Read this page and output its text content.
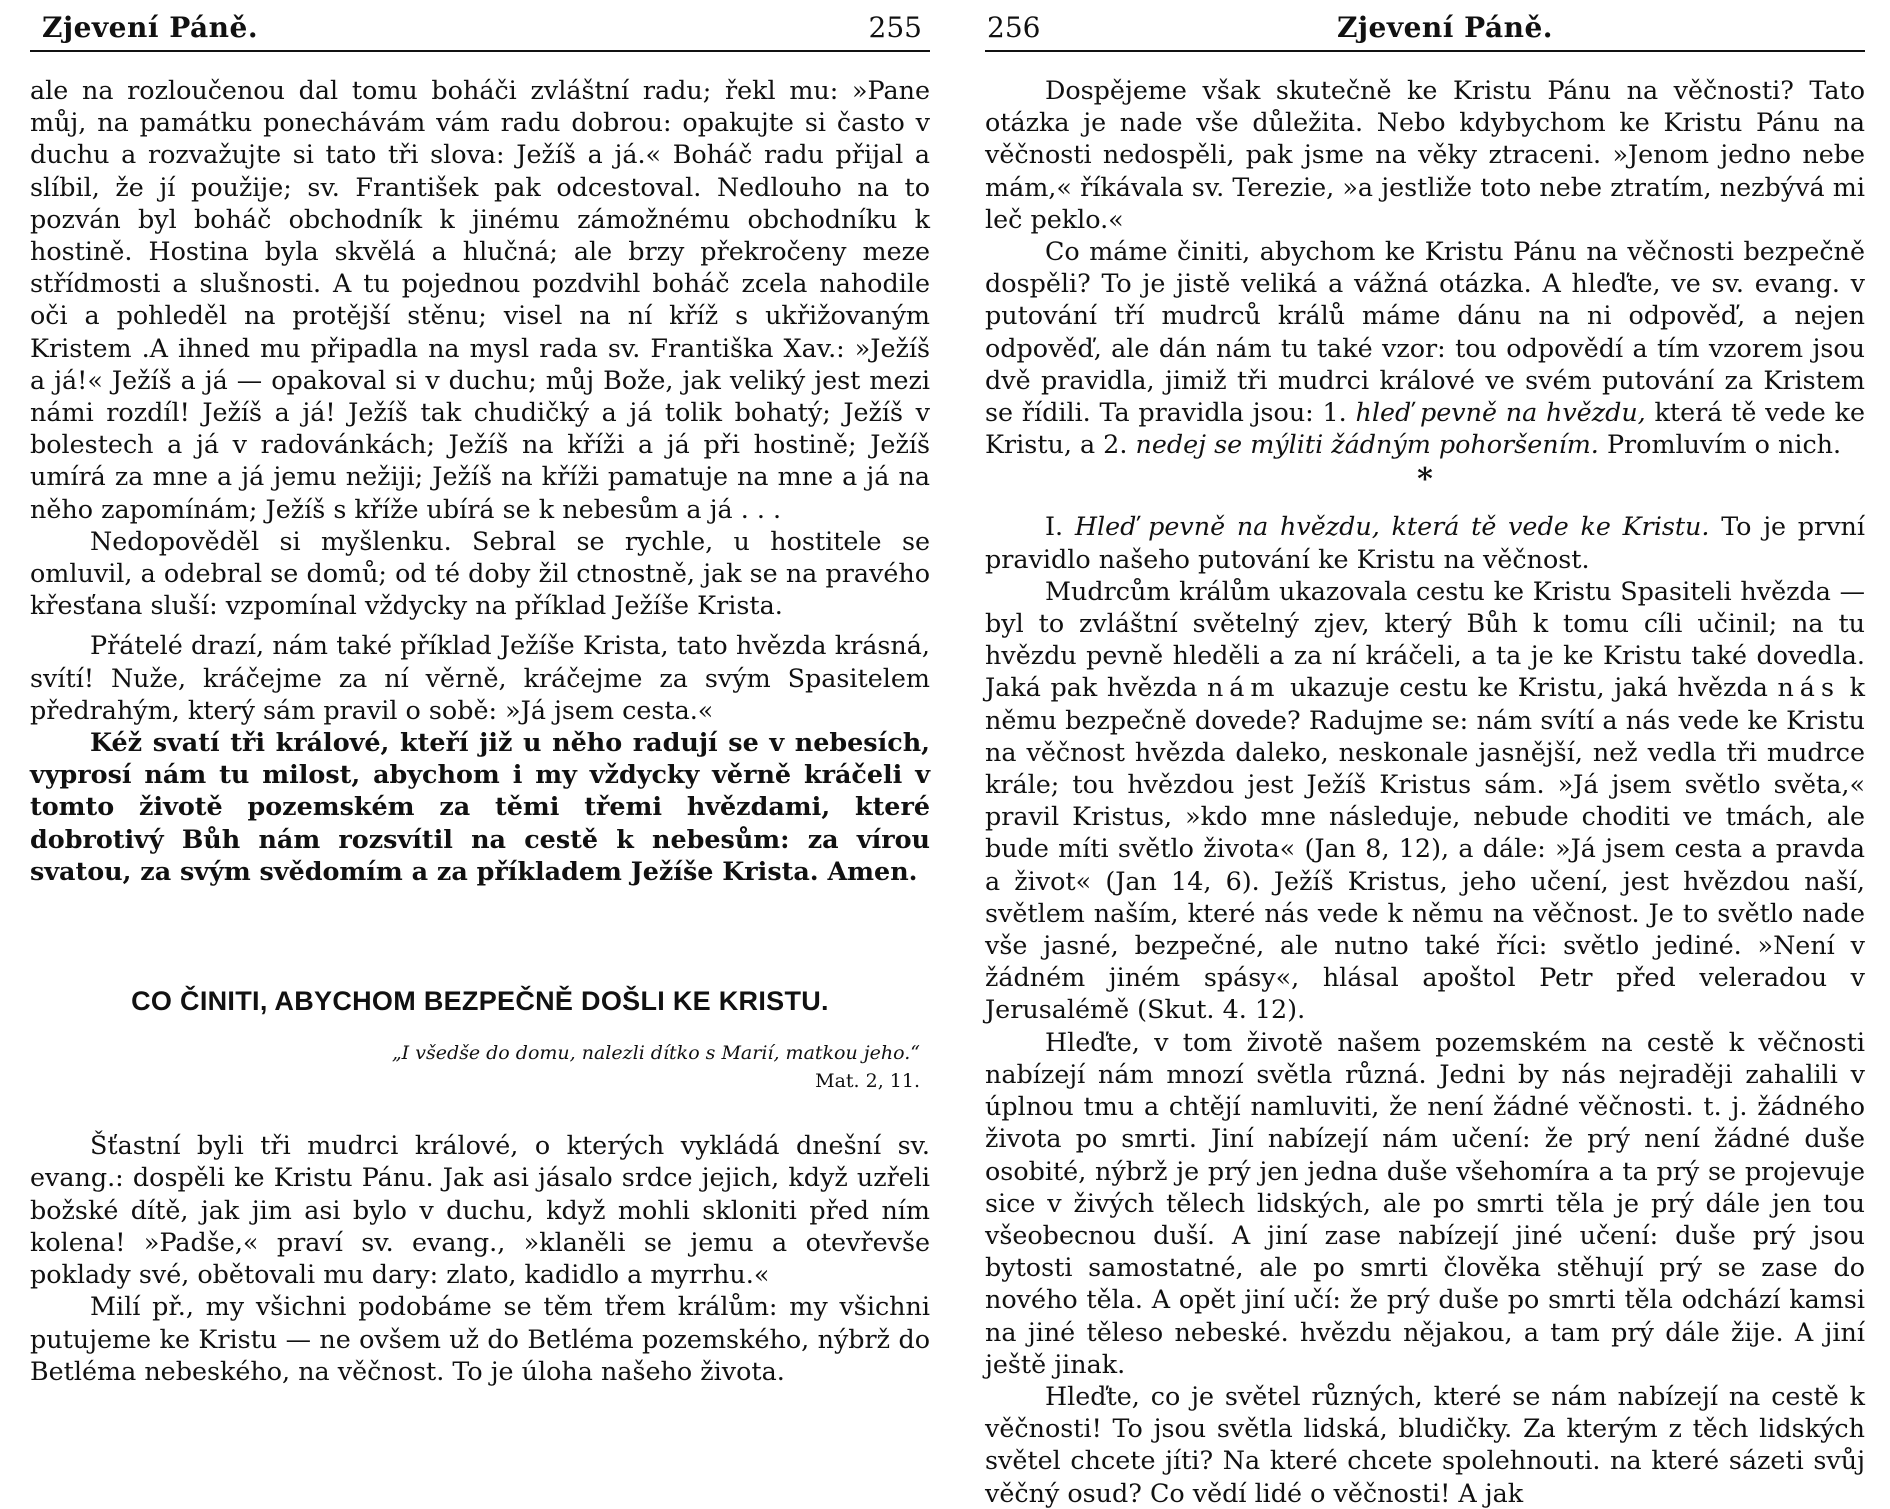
Zjevení Páně.	255

ale na rozloučenou dal tomu boháči zvláštní radu; řekl mu: »Pane můj, na památku ponechávám vám radu dobrou: opakujte si často v duchu a rozvažujte si tato tři slova: Ježíš a já.« Boháč radu přijal a slíbil, že jí použije; sv. František pak odcestoval. Nedlouho na to pozván byl boháč obchodník k jinému zámožnému obchodníku k hostině. Hostina byla skvělá a hlučná; ale brzy překročeny meze střídmosti a slušnosti. A tu pojednou pozdvihl boháč zcela nahodile oči a pohleděl na protější stěnu; visel na ní kříž s ukřižovaným Kristem .A ihned mu připadla na mysl rada sv. Františka Xav.: »Ježíš a já!« Ježíš a já — opakoval si v duchu; můj Bože, jak veliký jest mezi námi rozdíl! Ježíš a já! Ježíš tak chudičký a já tolik bohatý; Ježíš v bolestech a já v radovánkách; Ježíš na kříži a já při hostině; Ježíš umírá za mne a já jemu nežiji; Ježíš na kříži pamatuje na mne a já na něho zapomínám; Ježíš s kříže ubírá se k nebesům a já . . .

Nedopověděl si myšlenku. Sebral se rychle, u hostitele se omluvil, a odebral se domů; od té doby žil ctnostně, jak se na pravého křesťana sluší: vzpomínal vždycky na příklad Ježíše Krista.

Přátelé drazí, nám také příklad Ježíše Krista, tato hvězda krásná, svítí! Nuže, kráčejme za ní věrně, kráčejme za svým Spasitelem předrahým, který sám pravil o sobě: »Já jsem cesta.«

Kéž svatí tři králové, kteří již u něho radují se v nebesích, vyprosí nám tu milost, abychom i my vždycky věrně kráčeli v tomto životě pozemském za těmi třemi hvězdami, které dobrotivý Bůh nám rozsvítil na cestě k nebesům: za vírou svatou, za svým svědomím a za příkladem Ježíše Krista. Amen.

CO ČINITI, ABYCHOM BEZPEČNĚ DOŠLI KE KRISTU.
„I všedše do domu, nalezli dítko s Marií, matkou jeho.“
Mat. 2, 11.

Šťastní byli tři mudrci králové, o kterých vykládá dnešní sv. evang.: dospěli ke Kristu Pánu. Jak asi jásalo srdce jejich, když uzřeli božské dítě, jak jim asi bylo v duchu, když mohli skloniti před ním kolena! »Padše,« praví sv. evang., »klaněli se jemu a otevřevše poklady své, obětovali mu dary: zlato, kadidlo a myrrhu.«

Milí př., my všichni podobáme se těm třem králům: my všichni putujeme ke Kristu — ne ovšem už do Betléma pozemského, nýbrž do Betléma nebeského, na věčnost. To je úloha našeho života.

256	Zjevení Páně.

Dospějeme však skutečně ke Kristu Pánu na věčnosti? Tato otázka je nade vše důležita. Nebo kdybychom ke Kristu Pánu na věčnosti nedospěli, pak jsme na věky ztraceni. »Jenom jedno nebe mám,« říkávala sv. Terezie, »a jestliže toto nebe ztratím, nezbývá mi leč peklo.«

Co máme činiti, abychom ke Kristu Pánu na věčnosti bezpečně dospěli? To je jistě veliká a vážná otázka. A hleďte, ve sv. evang. v putování tří mudrců králů máme dánu na ni odpověď, a nejen odpověď, ale dán nám tu také vzor: tou odpovědí a tím vzorem jsou dvě pravidla, jimiž tři mudrci králové ve svém putování za Kristem se řídili. Ta pravidla jsou: 1. hleď pevně na hvězdu, která tě vede ke Kristu, a 2. nedej se mýliti žádným pohoršením. Promluvím o nich.

*

I. Hleď pevně na hvězdu, která tě vede ke Kristu. To je první pravidlo našeho putování ke Kristu na věčnost.

Mudrcům králům ukazovala cestu ke Kristu Spasiteli hvězda — byl to zvláštní světelný zjev, který Bůh k tomu cíli učinil; na tu hvězdu pevně hleděli a za ní kráčeli, a ta je ke Kristu také dovedla. Jaká pak hvězda nám ukazuje cestu ke Kristu, jaká hvězda nás k němu bezpečně dovede? Radujme se: nám svítí a nás vede ke Kristu na věčnost hvězda daleko, neskonale jasnější, než vedla tři mudrce krále; tou hvězdou jest Ježíš Kristus sám. »Já jsem světlo světa,« pravil Kristus, »kdo mne následuje, nebude choditi ve tmách, ale bude míti světlo života« (Jan 8, 12), a dále: »Já jsem cesta a pravda a život« (Jan 14, 6). Ježíš Kristus, jeho učení, jest hvězdou naší, světlem naším, které nás vede k němu na věčnost. Je to světlo nade vše jasné, bezpečné, ale nutno také říci: světlo jediné. »Není v žádném jiném spásy«, hlásal apoštol Petr před veleradou v Jerusalémě (Skut. 4. 12).

Hleďte, v tom životě našem pozemském na cestě k věčnosti nabízejí nám mnozí světla různá. Jedni by nás nejraději zahalili v úplnou tmu a chtějí namluviti, že není žádné věčnosti. t. j. žádného života po smrti. Jiní nabízejí nám učení: že prý není žádné duše osobité, nýbrž je prý jen jedna duše všehomíra a ta prý se projevuje sice v živých tělech lidských, ale po smrti těla je prý dále jen tou všeobecnou duší. A jiní zase nabízejí jiné učení: duše prý jsou bytosti samostatné, ale po smrti člověka stěhují prý se zase do nového těla. A opět jiní učí: že prý duše po smrti těla odchází kamsi na jiné těleso nebeské. hvězdu nějakou, a tam prý dále žije. A jiní ještě jinak.

Hleďte, co je světel různých, které se nám nabízejí na cestě k věčnosti! To jsou světla lidská, bludičky. Za kterým z těch lidských světel chcete jíti? Na které chcete spolehnouti. na které sázeti svůj věčný osud? Co vědí lidé o věčnosti! A jak
